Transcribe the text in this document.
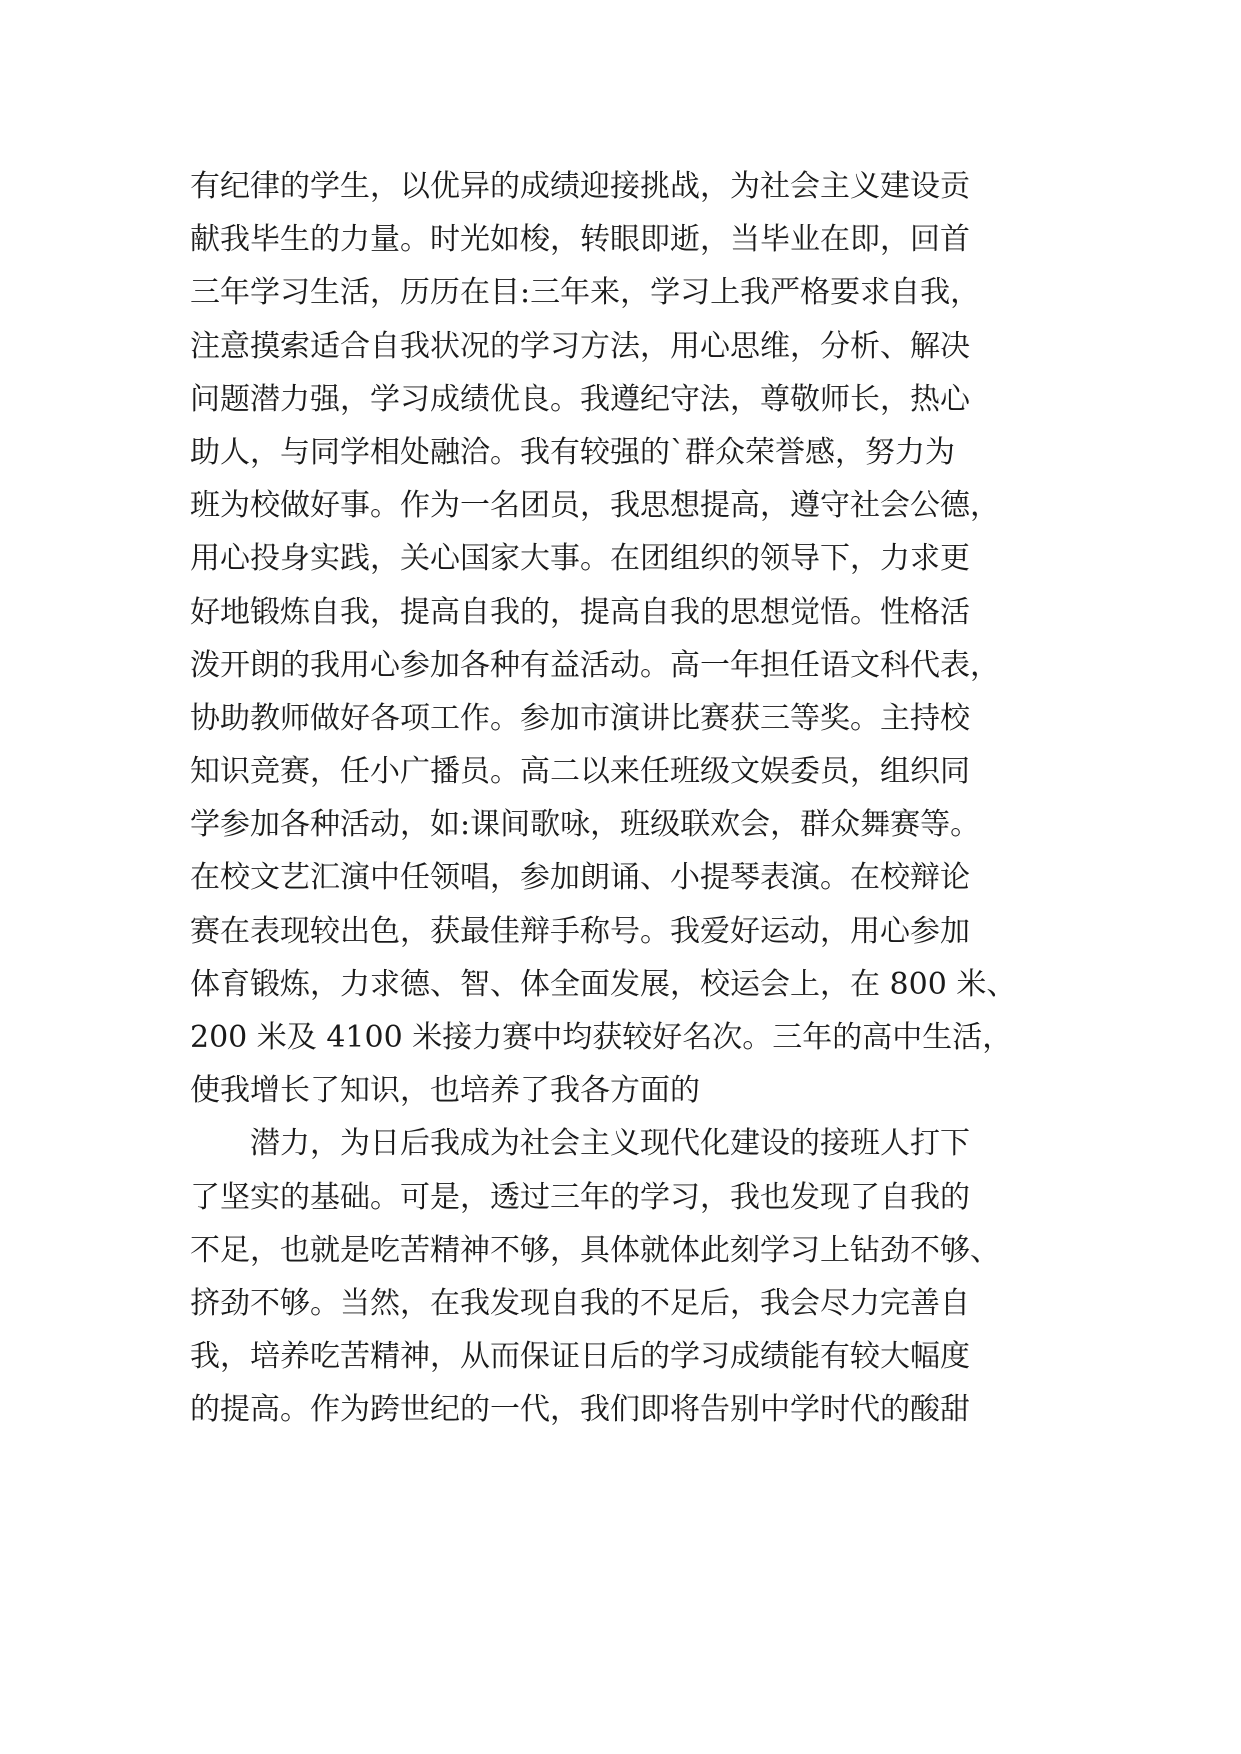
有纪律的学生，以优异的成绩迎接挑战，为社会主义建设贡
献我毕生的力量。时光如梭，转眼即逝，当毕业在即，回首
三年学习生活，历历在目:三年来，学习上我严格要求自我，
注意摸索适合自我状况的学习方法，用心思维，分析、解决
问题潜力强，学习成绩优良。我遵纪守法，尊敬师长，热心
助人，与同学相处融洽。我有较强的`群众荣誉感，努力为
班为校做好事。作为一名团员，我思想提高，遵守社会公德，
用心投身实践，关心国家大事。在团组织的领导下，力求更
好地锻炼自我，提高自我的，提高自我的思想觉悟。性格活
泼开朗的我用心参加各种有益活动。高一年担任语文科代表，
协助教师做好各项工作。参加市演讲比赛获三等奖。主持校
知识竞赛，任小广播员。高二以来任班级文娱委员，组织同
学参加各种活动，如:课间歌咏，班级联欢会，群众舞赛等。
在校文艺汇演中任领唱，参加朗诵、小提琴表演。在校辩论
赛在表现较出色，获最佳辩手称号。我爱好运动，用心参加
体育锻炼，力求德、智、体全面发展，校运会上，在 800 米、
200 米及 4100 米接力赛中均获较好名次。三年的高中生活，
使我增长了知识，也培养了我各方面的
潜力，为日后我成为社会主义现代化建设的接班人打下
了坚实的基础。可是，透过三年的学习，我也发现了自我的
不足，也就是吃苦精神不够，具体就体此刻学习上钻劲不够、
挤劲不够。当然，在我发现自我的不足后，我会尽力完善自
我，培养吃苦精神，从而保证日后的学习成绩能有较大幅度
的提高。作为跨世纪的一代，我们即将告别中学时代的酸甜
